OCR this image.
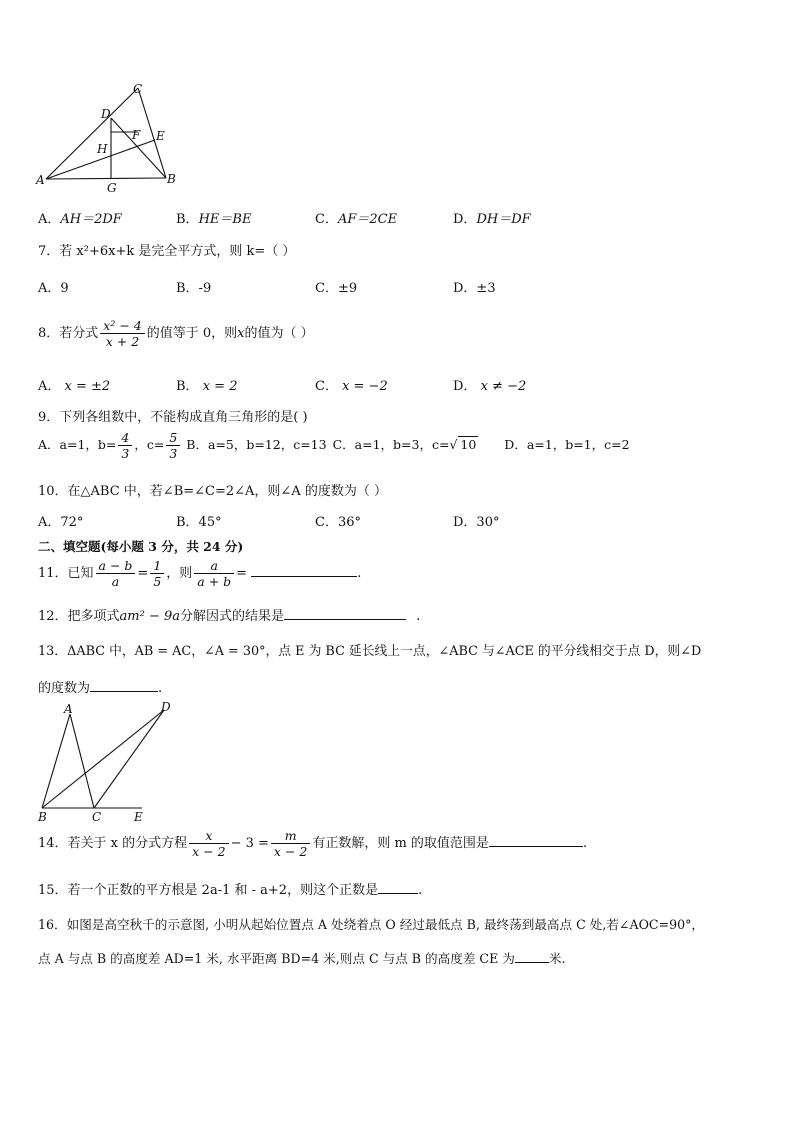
C
D
F E
H
A
G
B
A．AH＝2DF	B．HE＝BE	C．AF＝2CE	D．DH＝DF
7．若 x²+6x+k 是完全平方式，则 k=（ ）
A．9	B．-9	C．±9	D．±3
8．若分式 $\frac{\text{x² − 4}}{x + 2}$ 的值等于 0，则x的值为（ ）
A． x = ±2	B． x = 2	C． x = −2	D． x ≠ −2
9．下列各组数中，不能构成直角三角形的是( )
A．a=1，$b= \frac{4}{3}$ ，$c= \frac{5}{3}$ B．a=5，b=12，c=13 C．a=1，b=3，c=√ 10 D．a=1，b=1，c=2
10．在△ABC 中，若∠B=∠C=2∠A，则∠A 的度数为（ ）
A．72°	B．45°	C．36°	D．30°
二、填空题(每小题 3 分，共 24 分)
11．已知 $\frac{a - b}{a} = \frac{1}{5}$ ，则 $\frac{a}{a + b}$ =	.
12．把多项式am² − 9a分解因式的结果是	.
13．ΔABC 中，AB = AC，∠A = 30°，点 E 为 BC 延长线上一点，∠ABC 与∠ACE 的平分线相交于点 D，则∠D
的度数为	.
A	D
B	C	E
14．若关于 x 的分式方程 $\frac{x}{x - 2} - 3 = \frac{m}{x - 2}$ 有正数解，则 m 的取值范围是	.
15．若一个正数的平方根是 2a-1 和 - a+2，则这个正数是	.
16．如图是高空秋千的示意图, 小明从起始位置点 A 处绕着点 O 经过最低点 B, 最终荡到最高点 C 处,若∠AOC=90°，
点 A 与点 B 的高度差 AD=1 米, 水平距离 BD=4 米,则点 C 与点 B 的高度差 CE 为	米.
